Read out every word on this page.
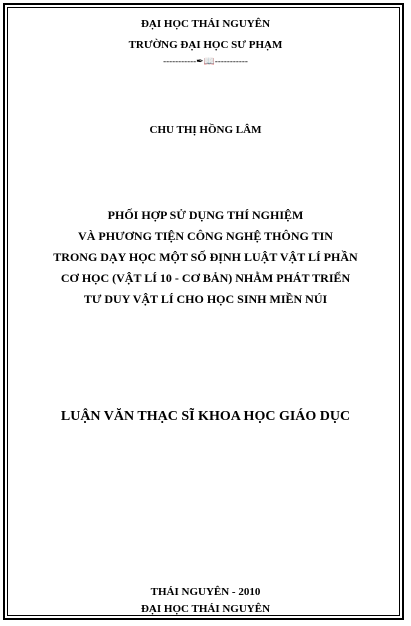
ĐẠI HỌC THÁI NGUYÊN
TRƯỜNG ĐẠI HỌC SƯ PHẠM
-----------✒📖-----------
CHU THỊ HỒNG LÂM
PHỐI HỢP SỬ DỤNG THÍ NGHIỆM
VÀ PHƯƠNG TIỆN CÔNG NGHỆ THÔNG TIN
TRONG DẠY HỌC MỘT SỐ ĐỊNH LUẬT VẬT LÍ PHẦN
CƠ HỌC (VẬT LÍ 10 - CƠ BẢN) NHẰM PHÁT TRIỂN
TƯ DUY VẬT LÍ CHO HỌC SINH MIỀN NÚI
LUẬN VĂN THẠC SĨ KHOA HỌC GIÁO DỤC
THÁI NGUYÊN - 2010
ĐẠI HỌC THÁI NGUYÊN
